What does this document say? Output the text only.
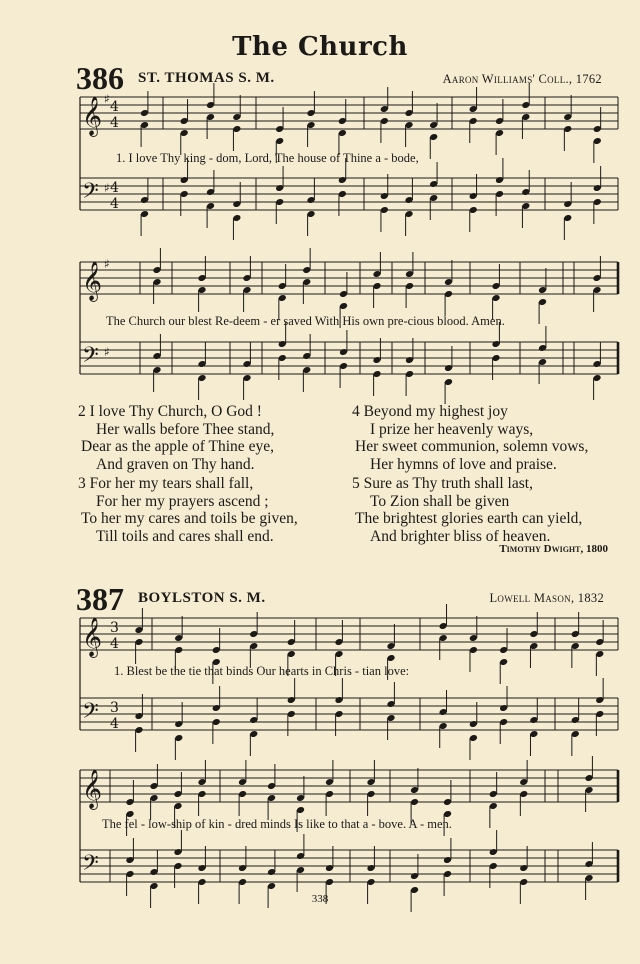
The Church
386 ST. THOMAS S. M.	Aaron Williams' Coll., 1762
387 BOYLSTON S. M.	Lowell Mason, 1832
𝄞 ♯ 4
4
𝄢 ♯ 4
4
𝄞 ♯
𝄢 ♯
𝄞 3
4
𝄢 3
4
𝄞
𝄢
1. I love Thy king - dom, Lord, The house of Thine a - bode,
The Church our blest Re-deem - er saved With His own pre-cious blood. Amen.
1. Blest be the tie that binds Our hearts in Chris - tian love:
The fel - low-ship of kin - dred minds Is like to that a - bove. A - men.
2 I love Thy Church, O God !
Her walls before Thee stand,
Dear as the apple of Thine eye,
And graven on Thy hand.
3 For her my tears shall fall,
For her my prayers ascend ;
To her my cares and toils be given,
Till toils and cares shall end.
4 Beyond my highest joy
I prize her heavenly ways,
Her sweet communion, solemn vows,
Her hymns of love and praise.
5 Sure as Thy truth shall last,
To Zion shall be given
The brightest glories earth can yield,
And brighter bliss of heaven.
Timothy Dwight, 1800
338
